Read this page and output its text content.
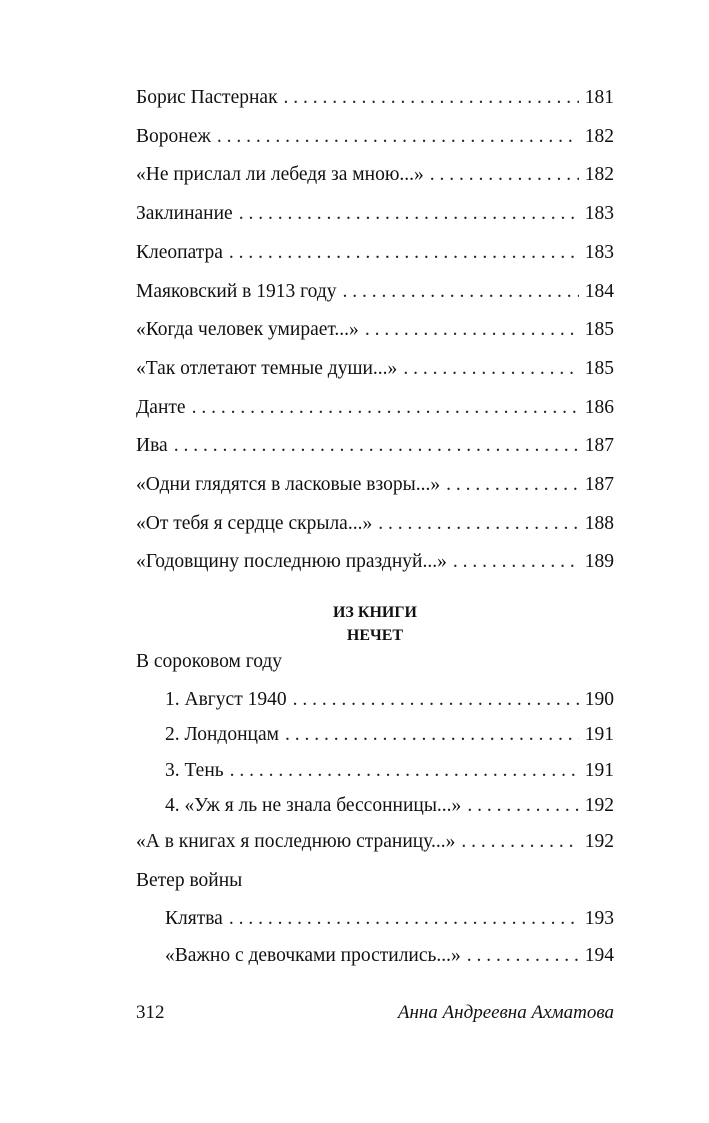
Борис Пастернак . . .	181
Воронеж . . .	182
«Не прислал ли лебедя за мною...» . . .	182
Заклинание . . .	183
Клеопатра . . .	183
Маяковский в 1913 году . . .	184
«Когда человек умирает...» . . .	185
«Так отлетают темные души...» . . .	185
Данте . . .	186
Ива . . .	187
«Одни глядятся в ласковые взоры...» . . .	187
«От тебя я сердце скрыла...» . . .	188
«Годовщину последнюю празднуй...» . . .	189
ИЗ КНИГИ
НЕЧЕТ
В сороковом году
1. Август 1940 . . .	190
2. Лондонцам . . .	191
3. Тень . . .	191
4. «Уж я ль не знала бессонницы...» . . .	192
«А в книгах я последнюю страницу...» . . .	192
Ветер войны
Клятва . . .	193
«Важно с девочками простились...» . . .	194
312	Анна Андреевна Ахматова
